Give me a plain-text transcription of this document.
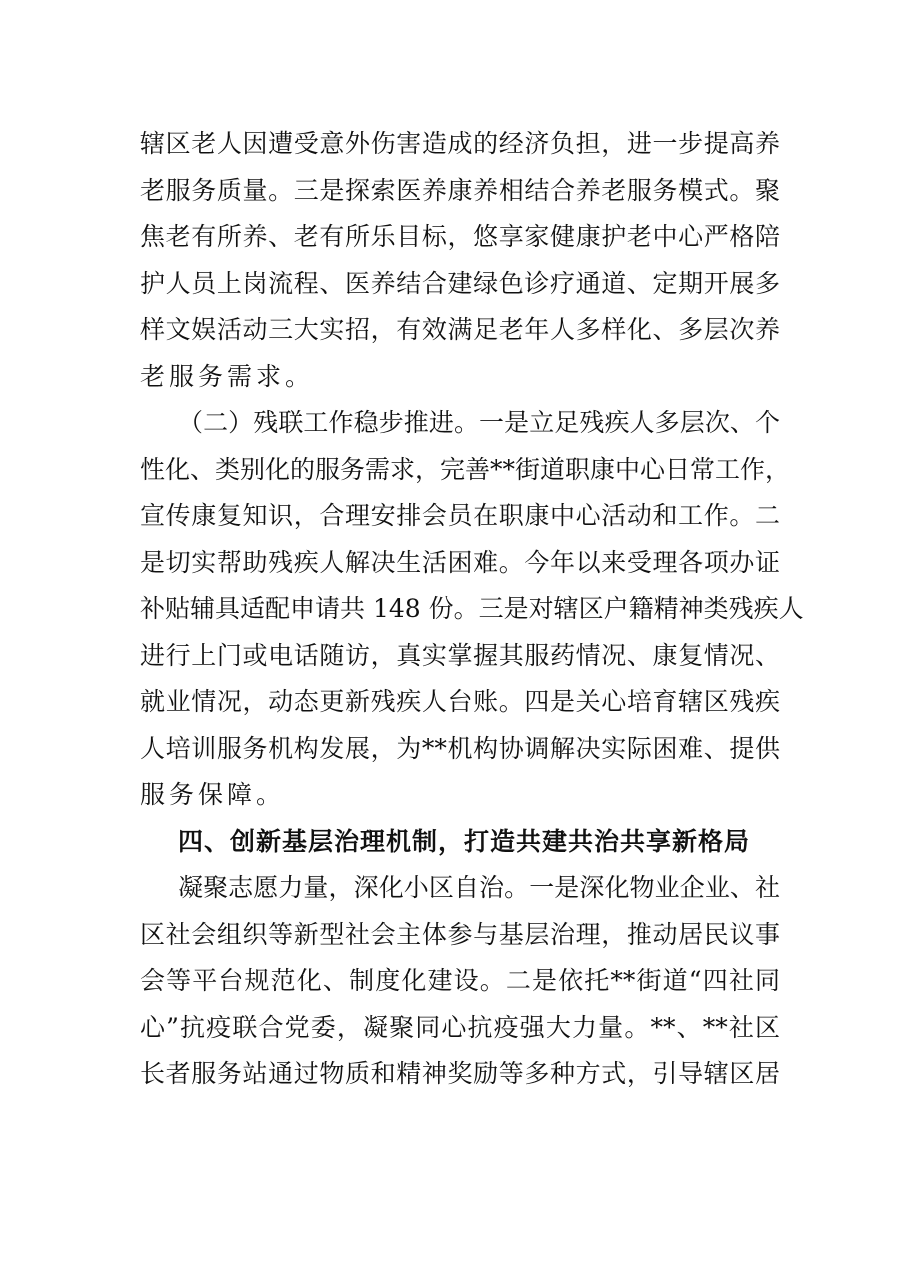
辖区老人因遭受意外伤害造成的经济负担，进一步提高养
老服务质量。三是探索医养康养相结合养老服务模式。聚
焦老有所养、老有所乐目标，悠享家健康护老中心严格陪
护人员上岗流程、医养结合建绿色诊疗通道、定期开展多
样文娱活动三大实招，有效满足老年人多样化、多层次养
老服务需求。
（二）残联工作稳步推进。一是立足残疾人多层次、个
性化、类别化的服务需求，完善**街道职康中心日常工作，
宣传康复知识，合理安排会员在职康中心活动和工作。二
是切实帮助残疾人解决生活困难。今年以来受理各项办证
补贴辅具适配申请共 148 份。三是对辖区户籍精神类残疾人
进行上门或电话随访，真实掌握其服药情况、康复情况、
就业情况，动态更新残疾人台账。四是关心培育辖区残疾
人培训服务机构发展，为**机构协调解决实际困难、提供
服务保障。
四、创新基层治理机制，打造共建共治共享新格局
凝聚志愿力量，深化小区自治。一是深化物业企业、社
区社会组织等新型社会主体参与基层治理，推动居民议事
会等平台规范化、制度化建设。二是依托**街道“四社同
心”抗疫联合党委，凝聚同心抗疫强大力量。**、**社区
长者服务站通过物质和精神奖励等多种方式，引导辖区居
